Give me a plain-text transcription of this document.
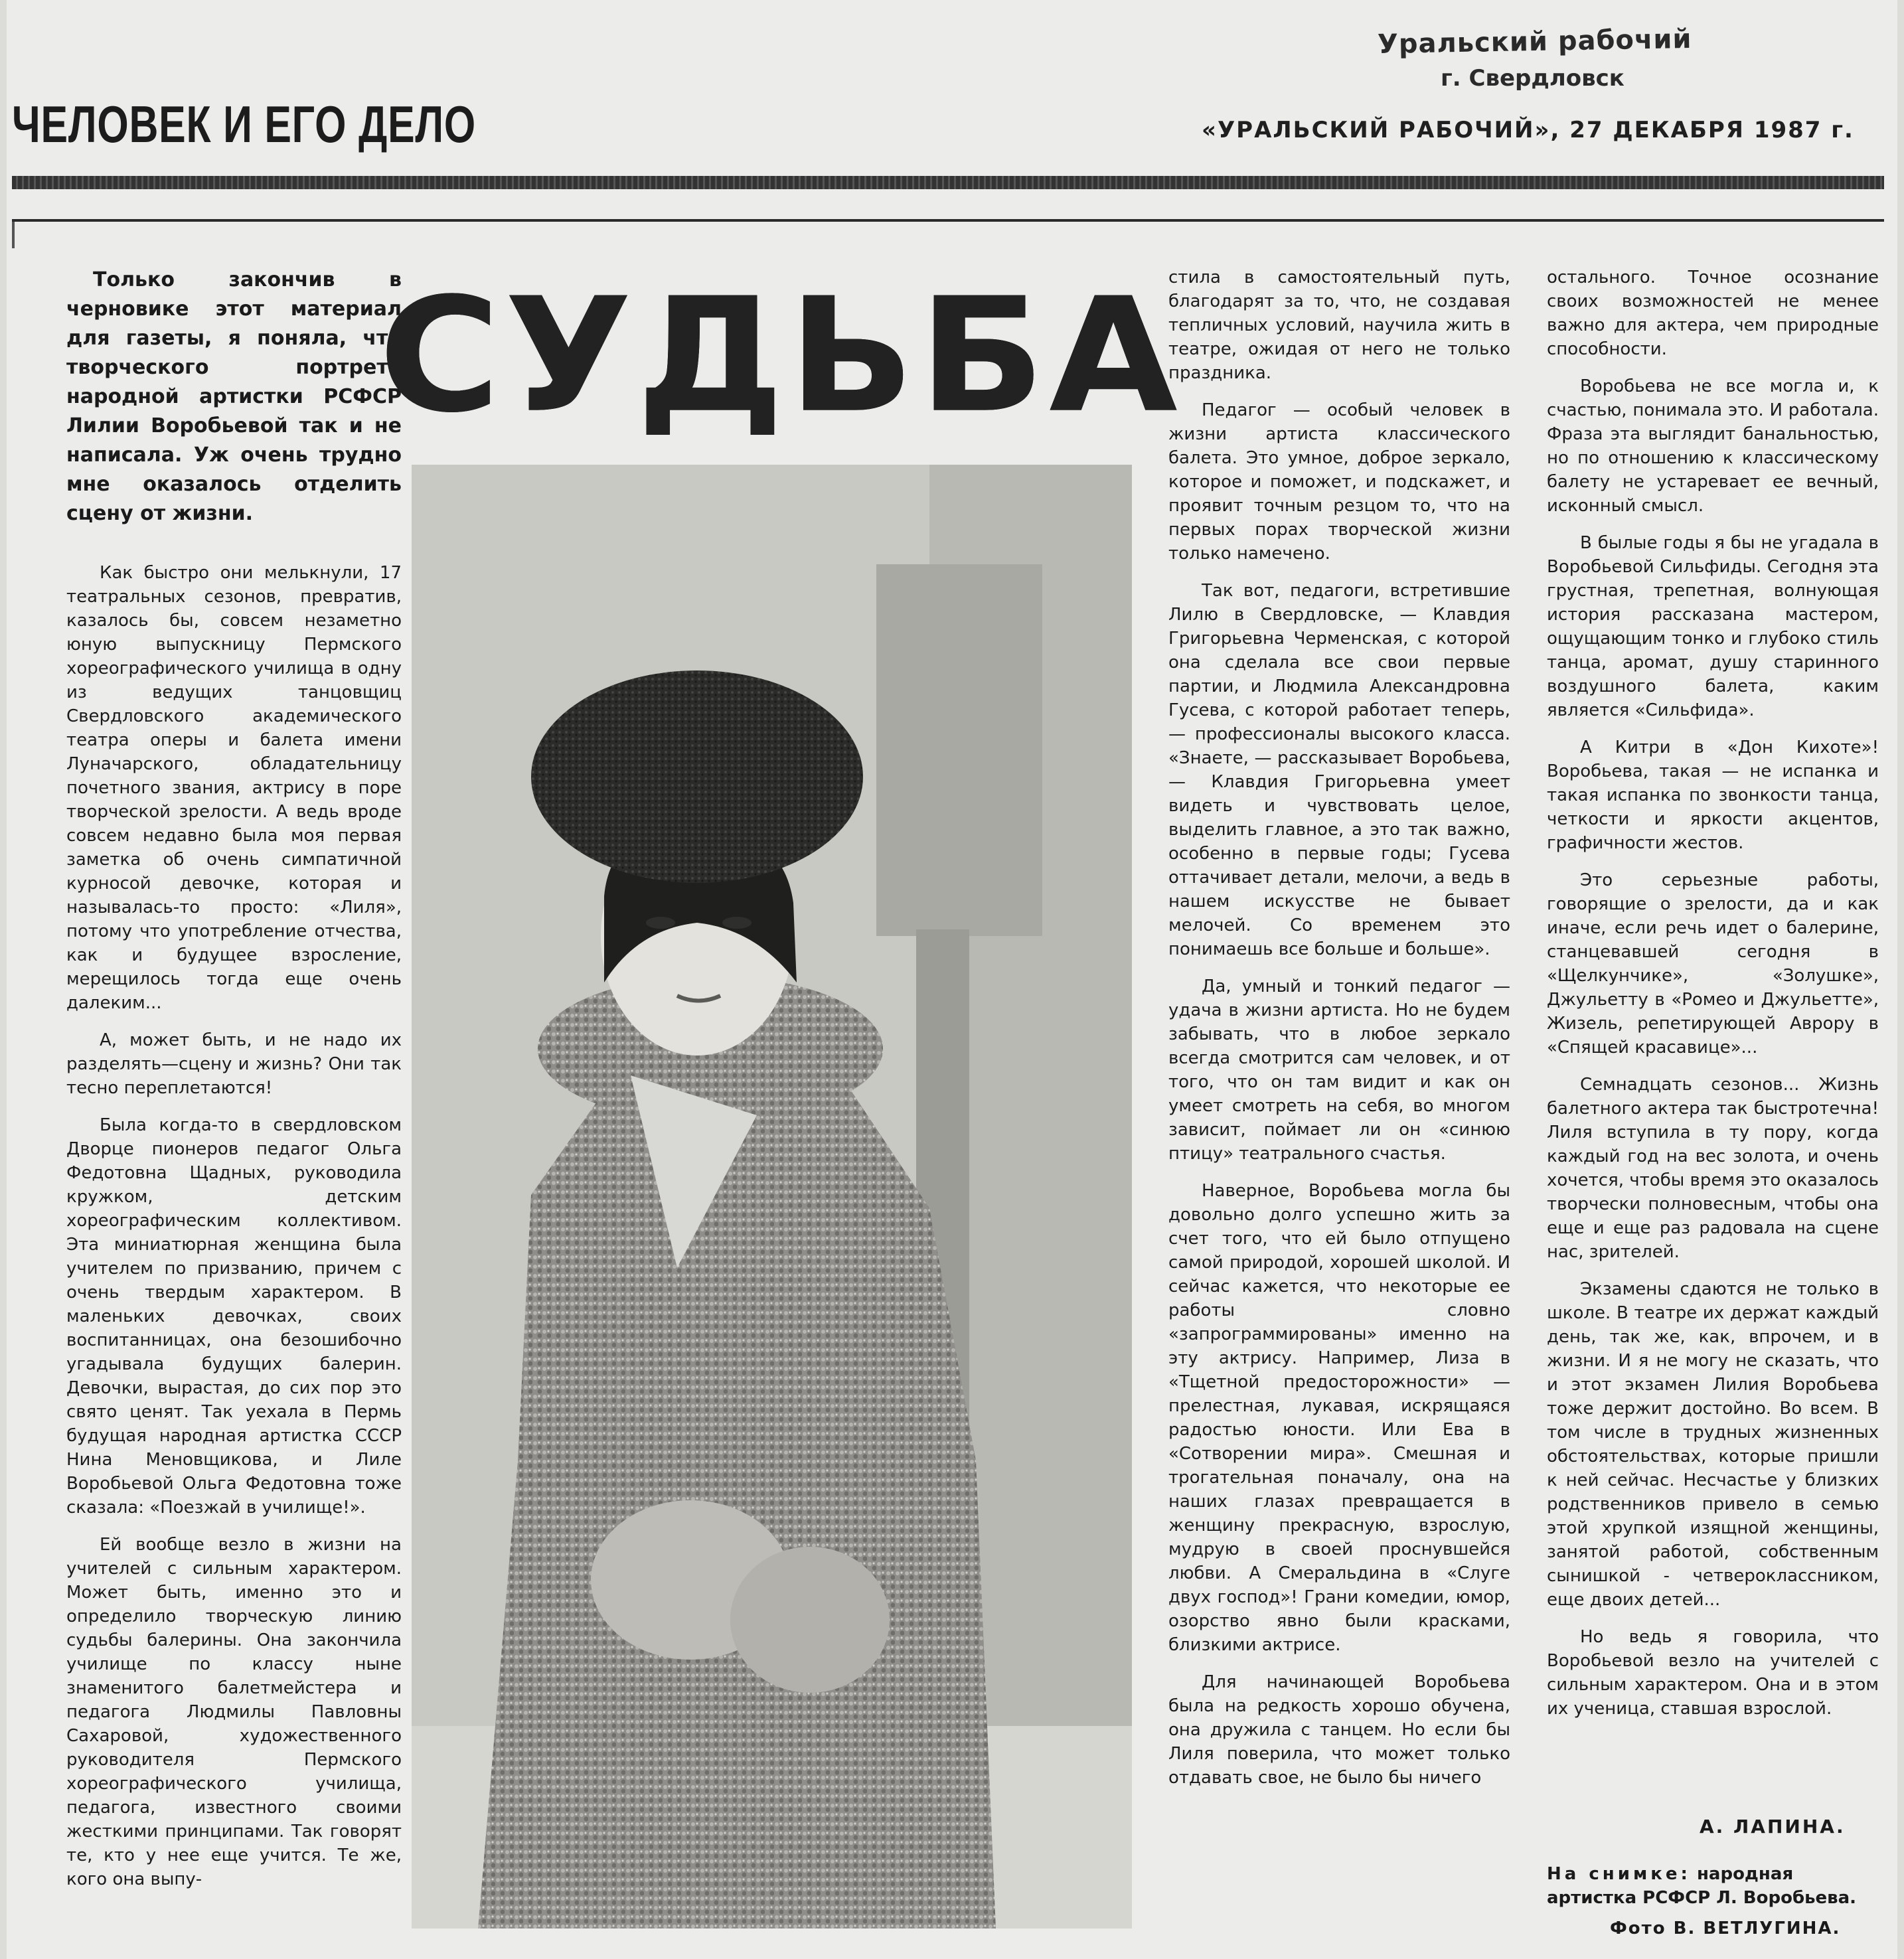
Уральский рабочий
г. Свердловск
ЧЕЛОВЕК И ЕГО ДЕЛО	«УРАЛЬСКИЙ РАБОЧИЙ», 27 ДЕКАБРЯ 1987 г.
Только закончив в черновике этот материал для газеты, я поняла, что творческого портрета народной артистки РСФСР Лилии Воробьевой так и не написала. Уж очень трудно мне оказалось отделить сцену от жизни.
СУДЬБА

Как быстро они мелькнули, 17 театральных сезонов, превратив, казалось бы, совсем незаметно юную выпускницу Пермского хореографического училища в одну из ведущих танцовщиц Свердловского академического театра оперы и балета имени Луначарского, обладательницу почетного звания, актрису в поре творческой зрелости. А ведь вроде совсем недавно была моя первая заметка об очень симпатичной курносой девочке, которая и называлась-то просто: «Лиля», потому что употребление отчества, как и будущее взросление, мерещилось тогда еще очень далеким...

А, может быть, и не надо их разделять—сцену и жизнь? Они так тесно переплетаются!

Была когда-то в свердловском Дворце пионеров педагог Ольга Федотовна Щадных, руководила кружком, детским хореографическим коллективом. Эта миниатюрная женщина была учителем по призванию, причем с очень твердым характером. В маленьких девочках, своих воспитанницах, она безошибочно угадывала будущих балерин. Девочки, вырастая, до сих пор это свято ценят. Так уехала в Пермь будущая народная артистка СССР Нина Меновщикова, и Лиле Воробьевой Ольга Федотовна тоже сказала: «Поезжай в училище!».

Ей вообще везло в жизни на учителей с сильным характером. Может быть, именно это и определило творческую линию судьбы балерины. Она закончила училище по классу ныне знаменитого балетмейстера и педагога Людмилы Павловны Сахаровой, художественного руководителя Пермского хореографического училища, педагога, известного своими жесткими принципами. Так говорят те, кто у нее еще учится. Те же, кого она выпу-

стила в самостоятельный путь, благодарят за то, что, не создавая тепличных условий, научила жить в театре, ожидая от него не только праздника.

Педагог — особый человек в жизни артиста классического балета. Это умное, доброе зеркало, которое и поможет, и подскажет, и проявит точным резцом то, что на первых порах творческой жизни только намечено.

Так вот, педагоги, встретившие Лилю в Свердловске, — Клавдия Григорьевна Черменская, с которой она сделала все свои первые партии, и Людмила Александровна Гусева, с которой работает теперь, — профессионалы высокого класса. «Знаете, — рассказывает Воробьева, — Клавдия Григорьевна умеет видеть и чувствовать целое, выделить главное, а это так важно, особенно в первые годы; Гусева оттачивает детали, мелочи, а ведь в нашем искусстве не бывает мелочей. Со временем это понимаешь все больше и больше».

Да, умный и тонкий педагог — удача в жизни артиста. Но не будем забывать, что в любое зеркало всегда смотрится сам человек, и от того, что он там видит и как он умеет смотреть на себя, во многом зависит, поймает ли он «синюю птицу» театрального счастья.

Наверное, Воробьева могла бы довольно долго успешно жить за счет того, что ей было отпущено самой природой, хорошей школой. И сейчас кажется, что некоторые ее работы словно «запрограммированы» именно на эту актрису. Например, Лиза в «Тщетной предосторожности» — прелестная, лукавая, искрящаяся радостью юности. Или Ева в «Сотворении мира». Смешная и трогательная поначалу, она на наших глазах превращается в женщину прекрасную, взрослую, мудрую в своей проснувшейся любви. А Смеральдина в «Слуге двух господ»! Грани комедии, юмор, озорство явно были красками, близкими актрисе.

Для начинающей Воробьева была на редкость хорошо обучена, она дружила с танцем. Но если бы Лиля поверила, что может только отдавать свое, не было бы ничего

остального. Точное осознание своих возможностей не менее важно для актера, чем природные способности.

Воробьева не все могла и, к счастью, понимала это. И работала. Фраза эта выглядит банальностью, но по отношению к классическому балету не устаревает ее вечный, исконный смысл.

В былые годы я бы не угадала в Воробьевой Сильфиды. Сегодня эта грустная, трепетная, волнующая история рассказана мастером, ощущающим тонко и глубоко стиль танца, аромат, душу старинного воздушного балета, каким является «Сильфида».

А Китри в «Дон Кихоте»! Воробьева, такая — не испанка и такая испанка по звонкости танца, четкости и яркости акцентов, графичности жестов.

Это серьезные работы, говорящие о зрелости, да и как иначе, если речь идет о балерине, станцевавшей сегодня в «Щелкунчике», «Золушке», Джульетту в «Ромео и Джульетте», Жизель, репетирующей Аврору в «Спящей красавице»...

Семнадцать сезонов... Жизнь балетного актера так быстротечна! Лиля вступила в ту пору, когда каждый год на вес золота, и очень хочется, чтобы время это оказалось творчески полновесным, чтобы она еще и еще раз радовала на сцене нас, зрителей.

Экзамены сдаются не только в школе. В театре их держат каждый день, так же, как, впрочем, и в жизни. И я не могу не сказать, что и этот экзамен Лилия Воробьева тоже держит достойно. Во всем. В том числе в трудных жизненных обстоятельствах, которые пришли к ней сейчас. Несчастье у близких родственников привело в семью этой хрупкой изящной женщины, занятой работой, собственным сынишкой - четвероклассником, еще двоих детей...

Но ведь я говорила, что Воробьевой везло на учителей с сильным характером. Она и в этом их ученица, ставшая взрослой.

А. ЛАПИНА.
На снимке: народная артистка РСФСР Л. Воробьева.
Фото В. ВЕТЛУГИНА.
